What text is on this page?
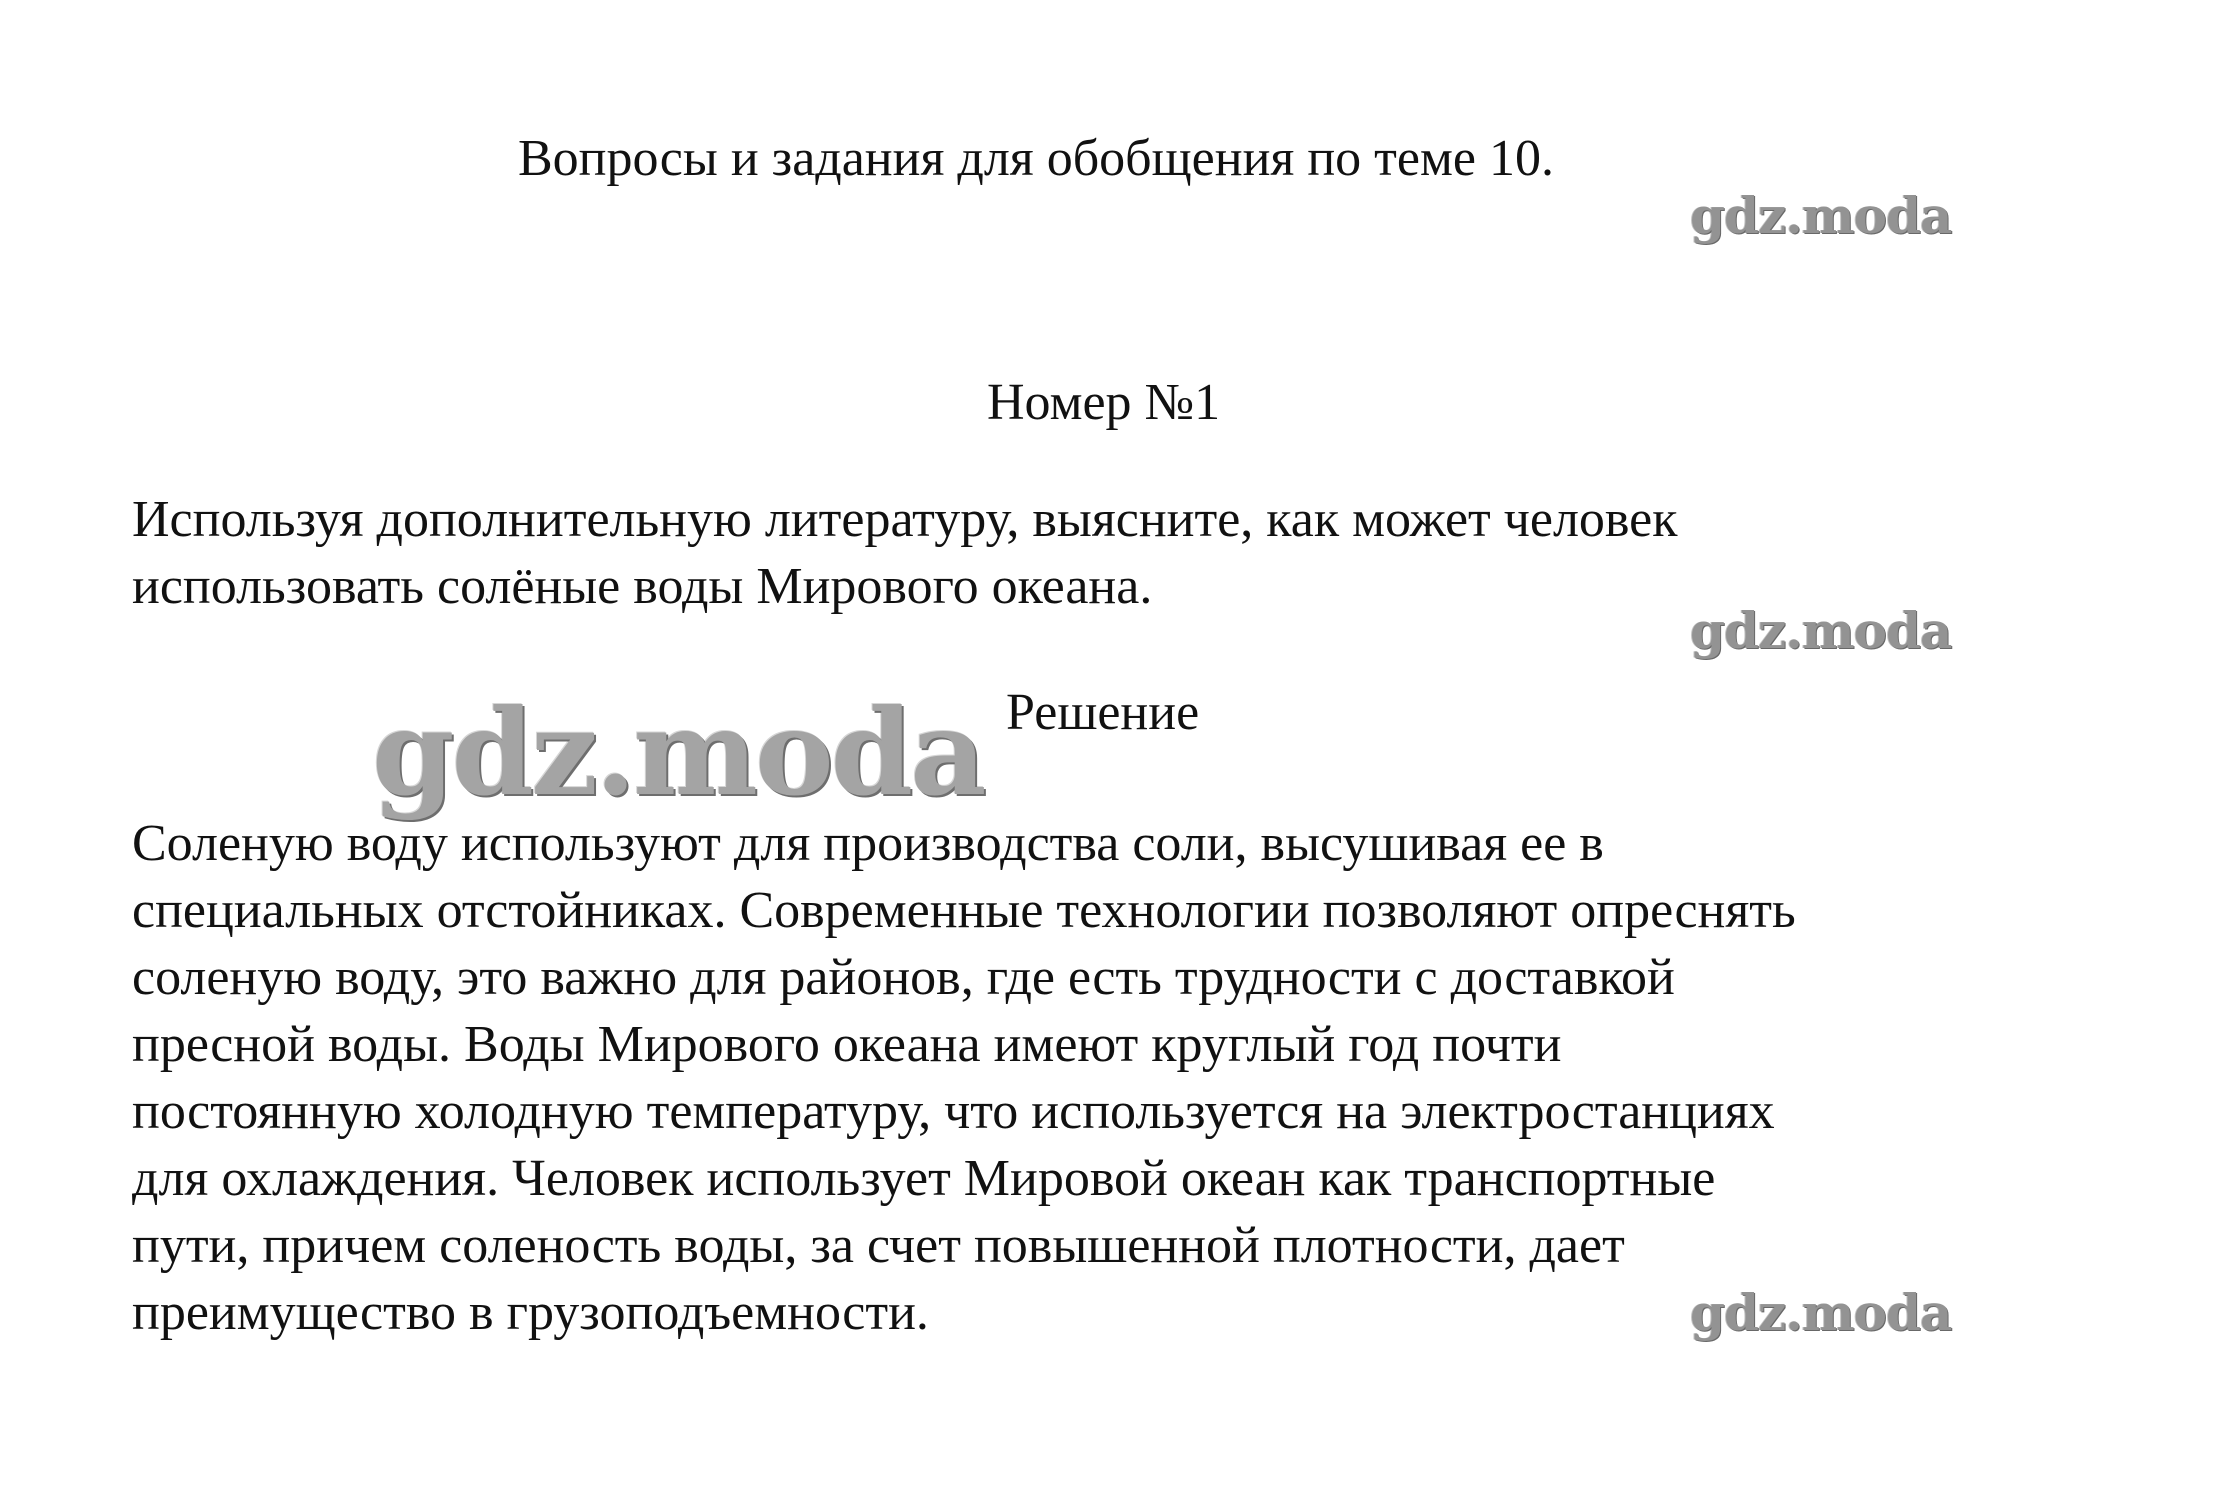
Вопросы и задания для обобщения по теме 10.
gdz.moda
Номер №1
Используя дополнительную литературу, выясните, как может человек
использовать солёные воды Мирового океана.
gdz.moda
gdz.moda Решение
Соленую воду используют для производства соли, высушивая ее в
специальных отстойниках. Современные технологии позволяют опреснять
соленую воду, это важно для районов, где есть трудности с доставкой
пресной воды. Воды Мирового океана имеют круглый год почти
постоянную холодную температуру, что используется на электростанциях
для охлаждения. Человек использует Мировой океан как транспортные
пути, причем соленость воды, за счет повышенной плотности, дает
преимущество в грузоподъемности.	gdz.moda
